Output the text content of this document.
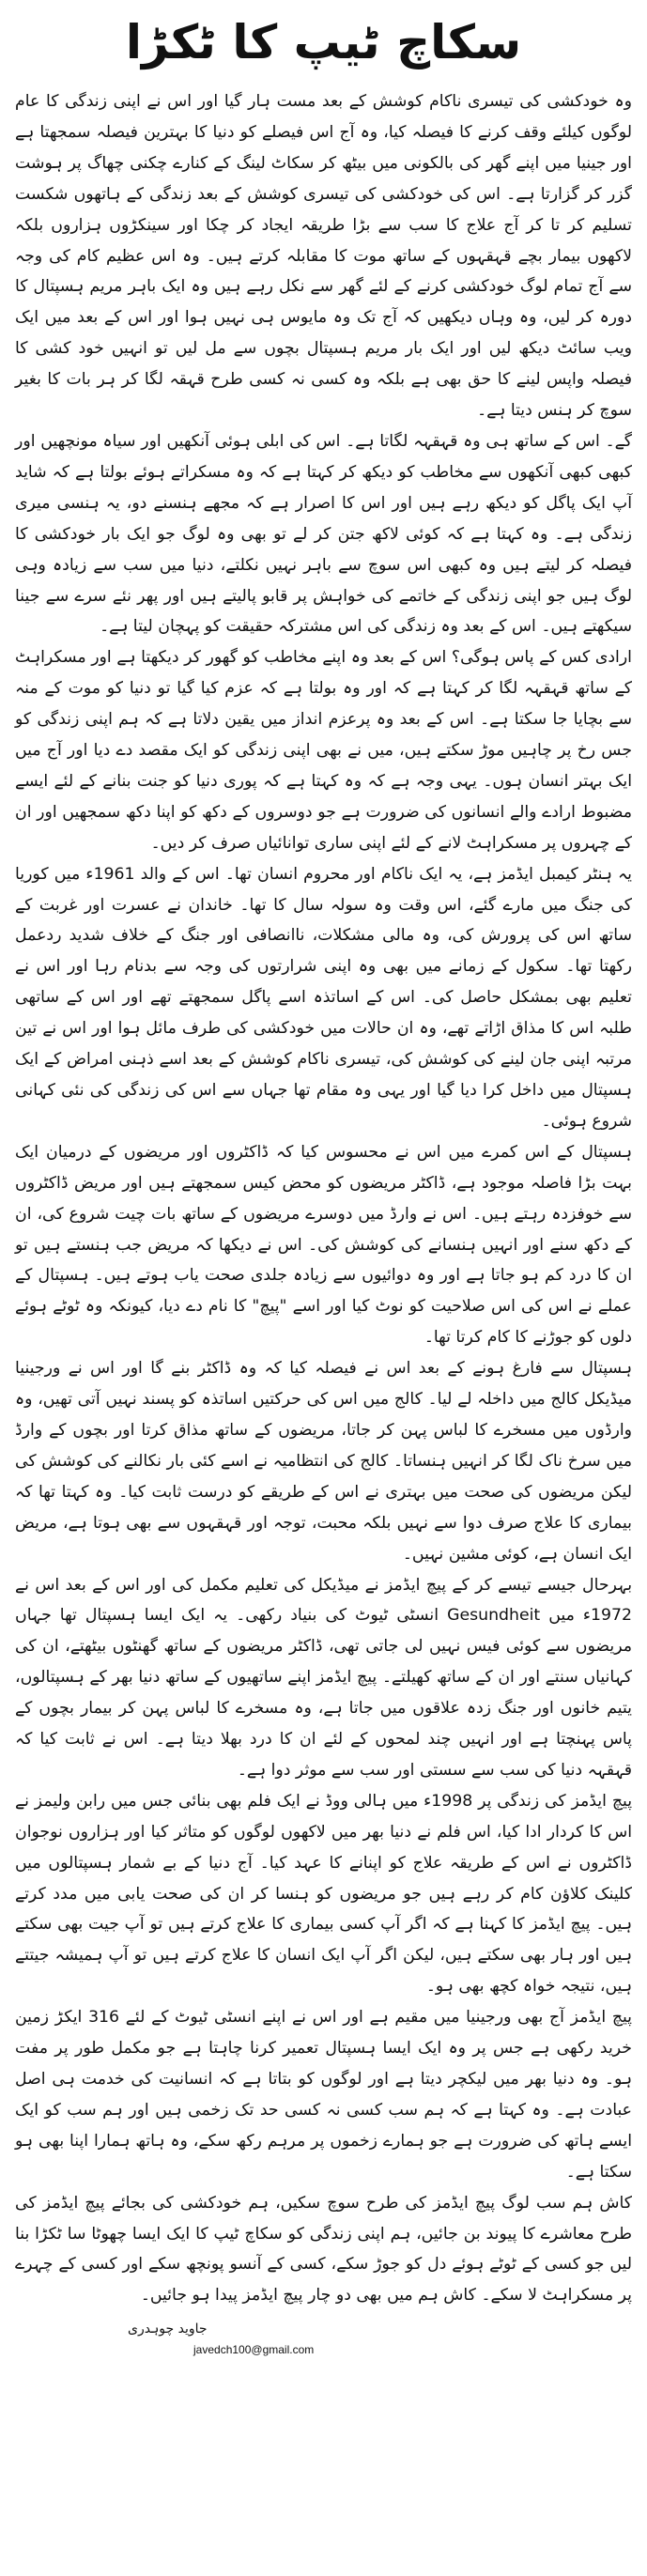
سکاچ ٹیپ کا ٹکڑا

وہ خودکشی کی تیسری ناکام کوشش کے بعد مست ہار گیا اور اس نے اپنی زندگی کا عام لوگوں کیلئے وقف کرنے کا فیصلہ کیا، وہ آج اس فیصلے کو دنیا کا بہترین فیصلہ سمجھتا ہے اور جینیا میں اپنے گھر کی بالکونی میں بیٹھ کر سکاٹ لینگ کے کنارے چکنی چھاگ پر ہوشت گزر کر گزارتا ہے۔ اس کی خودکشی کی تیسری کوشش کے بعد زندگی کے ہاتھوں شکست تسلیم کر تا کر آج علاج کا سب سے بڑا طریقہ ایجاد کر چکا اور سینکڑوں ہزاروں بلکہ لاکھوں بیمار بچے قہقہوں کے ساتھ موت کا مقابلہ کرتے ہیں۔ وہ اس عظیم کام کی وجہ سے آج تمام لوگ خودکشی کرنے کے لئے گھر سے نکل رہے ہیں وہ ایک باہر مریم ہسپتال کا دورہ کر لیں، وہ وہاں دیکھیں کہ آج تک وہ مایوس ہی نہیں ہوا اور اس کے بعد میں ایک ویب سائٹ دیکھ لیں اور ایک بار مریم ہسپتال بچوں سے مل لیں تو انہیں خود کشی کا فیصلہ واپس لینے کا حق بھی ہے بلکہ وہ کسی نہ کسی طرح قہقہ لگا کر ہر بات کا بغیر سوچ کر ہنس دیتا ہے۔

گے۔ اس کے ساتھ ہی وہ قہقہہ لگاتا ہے۔ اس کی ابلی ہوئی آنکھیں اور سیاہ مونچھیں اور کبھی کبھی آنکھوں سے مخاطب کو دیکھ کر کہتا ہے کہ وہ مسکراتے ہوئے بولتا ہے کہ شاید آپ ایک پاگل کو دیکھ رہے ہیں اور اس کا اصرار ہے کہ مجھے ہنسنے دو، یہ ہنسی میری زندگی ہے۔ وہ کہتا ہے کہ کوئی لاکھ جتن کر لے تو بھی وہ لوگ جو ایک بار خودکشی کا فیصلہ کر لیتے ہیں وہ کبھی اس سوچ سے باہر نہیں نکلتے، دنیا میں سب سے زیادہ وہی لوگ ہیں جو اپنی زندگی کے خاتمے کی خواہش پر قابو پالیتے ہیں اور پھر نئے سرے سے جینا سیکھتے ہیں۔ اس کے بعد وہ زندگی کی اس مشترکہ حقیقت کو پہچان لیتا ہے۔

ارادی کس کے پاس ہوگی؟ اس کے بعد وہ اپنے مخاطب کو گھور کر دیکھتا ہے اور مسکراہٹ کے ساتھ قہقہہ لگا کر کہتا ہے کہ اور وہ بولتا ہے کہ عزم کیا گیا تو دنیا کو موت کے منہ سے بچایا جا سکتا ہے۔ اس کے بعد وہ پرعزم انداز میں یقین دلاتا ہے کہ ہم اپنی زندگی کو جس رخ پر چاہیں موڑ سکتے ہیں، میں نے بھی اپنی زندگی کو ایک مقصد دے دیا اور آج میں ایک بہتر انسان ہوں۔ یہی وجہ ہے کہ وہ کہتا ہے کہ پوری دنیا کو جنت بنانے کے لئے ایسے مضبوط ارادے والے انسانوں کی ضرورت ہے جو دوسروں کے دکھ کو اپنا دکھ سمجھیں اور ان کے چہروں پر مسکراہٹ لانے کے لئے اپنی ساری توانائیاں صرف کر دیں۔

یہ ہنٹر کیمبل ایڈمز ہے، یہ ایک ناکام اور محروم انسان تھا۔ اس کے والد 1961ء میں کوریا کی جنگ میں مارے گئے، اس وقت وہ سولہ سال کا تھا۔ خاندان نے عسرت اور غربت کے ساتھ اس کی پرورش کی، وہ مالی مشکلات، ناانصافی اور جنگ کے خلاف شدید ردعمل رکھتا تھا۔ سکول کے زمانے میں بھی وہ اپنی شرارتوں کی وجہ سے بدنام رہا اور اس نے تعلیم بھی بمشکل حاصل کی۔ اس کے اساتذہ اسے پاگل سمجھتے تھے اور اس کے ساتھی طلبہ اس کا مذاق اڑاتے تھے، وہ ان حالات میں خودکشی کی طرف مائل ہوا اور اس نے تین مرتبہ اپنی جان لینے کی کوشش کی، تیسری ناکام کوشش کے بعد اسے ذہنی امراض کے ایک ہسپتال میں داخل کرا دیا گیا اور یہی وہ مقام تھا جہاں سے اس کی زندگی کی نئی کہانی شروع ہوئی۔

ہسپتال کے اس کمرے میں اس نے محسوس کیا کہ ڈاکٹروں اور مریضوں کے درمیان ایک بہت بڑا فاصلہ موجود ہے، ڈاکٹر مریضوں کو محض کیس سمجھتے ہیں اور مریض ڈاکٹروں سے خوفزدہ رہتے ہیں۔ اس نے وارڈ میں دوسرے مریضوں کے ساتھ بات چیت شروع کی، ان کے دکھ سنے اور انہیں ہنسانے کی کوشش کی۔ اس نے دیکھا کہ مریض جب ہنستے ہیں تو ان کا درد کم ہو جاتا ہے اور وہ دوائیوں سے زیادہ جلدی صحت یاب ہوتے ہیں۔ ہسپتال کے عملے نے اس کی اس صلاحیت کو نوٹ کیا اور اسے "پیچ" کا نام دے دیا، کیونکہ وہ ٹوٹے ہوئے دلوں کو جوڑنے کا کام کرتا تھا۔

ہسپتال سے فارغ ہونے کے بعد اس نے فیصلہ کیا کہ وہ ڈاکٹر بنے گا اور اس نے ورجینیا میڈیکل کالج میں داخلہ لے لیا۔ کالج میں اس کی حرکتیں اساتذہ کو پسند نہیں آتی تھیں، وہ وارڈوں میں مسخرے کا لباس پہن کر جاتا، مریضوں کے ساتھ مذاق کرتا اور بچوں کے وارڈ میں سرخ ناک لگا کر انہیں ہنساتا۔ کالج کی انتظامیہ نے اسے کئی بار نکالنے کی کوشش کی لیکن مریضوں کی صحت میں بہتری نے اس کے طریقے کو درست ثابت کیا۔ وہ کہتا تھا کہ بیماری کا علاج صرف دوا سے نہیں بلکہ محبت، توجہ اور قہقہوں سے بھی ہوتا ہے، مریض ایک انسان ہے، کوئی مشین نہیں۔

بہرحال جیسے تیسے کر کے پیچ ایڈمز نے میڈیکل کی تعلیم مکمل کی اور اس کے بعد اس نے 1972ء میں Gesundheit انسٹی ٹیوٹ کی بنیاد رکھی۔ یہ ایک ایسا ہسپتال تھا جہاں مریضوں سے کوئی فیس نہیں لی جاتی تھی، ڈاکٹر مریضوں کے ساتھ گھنٹوں بیٹھتے، ان کی کہانیاں سنتے اور ان کے ساتھ کھیلتے۔ پیچ ایڈمز اپنے ساتھیوں کے ساتھ دنیا بھر کے ہسپتالوں، یتیم خانوں اور جنگ زدہ علاقوں میں جاتا ہے، وہ مسخرے کا لباس پہن کر بیمار بچوں کے پاس پہنچتا ہے اور انہیں چند لمحوں کے لئے ان کا درد بھلا دیتا ہے۔ اس نے ثابت کیا کہ قہقہہ دنیا کی سب سے سستی اور سب سے موثر دوا ہے۔

پیچ ایڈمز کی زندگی پر 1998ء میں ہالی ووڈ نے ایک فلم بھی بنائی جس میں رابن ولیمز نے اس کا کردار ادا کیا، اس فلم نے دنیا بھر میں لاکھوں لوگوں کو متاثر کیا اور ہزاروں نوجوان ڈاکٹروں نے اس کے طریقہ علاج کو اپنانے کا عہد کیا۔ آج دنیا کے بے شمار ہسپتالوں میں کلینک کلاؤن کام کر رہے ہیں جو مریضوں کو ہنسا کر ان کی صحت یابی میں مدد کرتے ہیں۔ پیچ ایڈمز کا کہنا ہے کہ اگر آپ کسی بیماری کا علاج کرتے ہیں تو آپ جیت بھی سکتے ہیں اور ہار بھی سکتے ہیں، لیکن اگر آپ ایک انسان کا علاج کرتے ہیں تو آپ ہمیشہ جیتتے ہیں، نتیجہ خواہ کچھ بھی ہو۔

پیچ ایڈمز آج بھی ورجینیا میں مقیم ہے اور اس نے اپنے انسٹی ٹیوٹ کے لئے 316 ایکڑ زمین خرید رکھی ہے جس پر وہ ایک ایسا ہسپتال تعمیر کرنا چاہتا ہے جو مکمل طور پر مفت ہو۔ وہ دنیا بھر میں لیکچر دیتا ہے اور لوگوں کو بتاتا ہے کہ انسانیت کی خدمت ہی اصل عبادت ہے۔ وہ کہتا ہے کہ ہم سب کسی نہ کسی حد تک زخمی ہیں اور ہم سب کو ایک ایسے ہاتھ کی ضرورت ہے جو ہمارے زخموں پر مرہم رکھ سکے، وہ ہاتھ ہمارا اپنا بھی ہو سکتا ہے۔

کاش ہم سب لوگ پیچ ایڈمز کی طرح سوچ سکیں، ہم خودکشی کی بجائے پیچ ایڈمز کی طرح معاشرے کا پیوند بن جائیں، ہم اپنی زندگی کو سکاچ ٹیپ کا ایک ایسا چھوٹا سا ٹکڑا بنا لیں جو کسی کے ٹوٹے ہوئے دل کو جوڑ سکے، کسی کے آنسو پونچھ سکے اور کسی کے چہرے پر مسکراہٹ لا سکے۔ کاش ہم میں بھی دو چار پیچ ایڈمز پیدا ہو جائیں۔

جاوید چوہدری
javedch100@gmail.com
